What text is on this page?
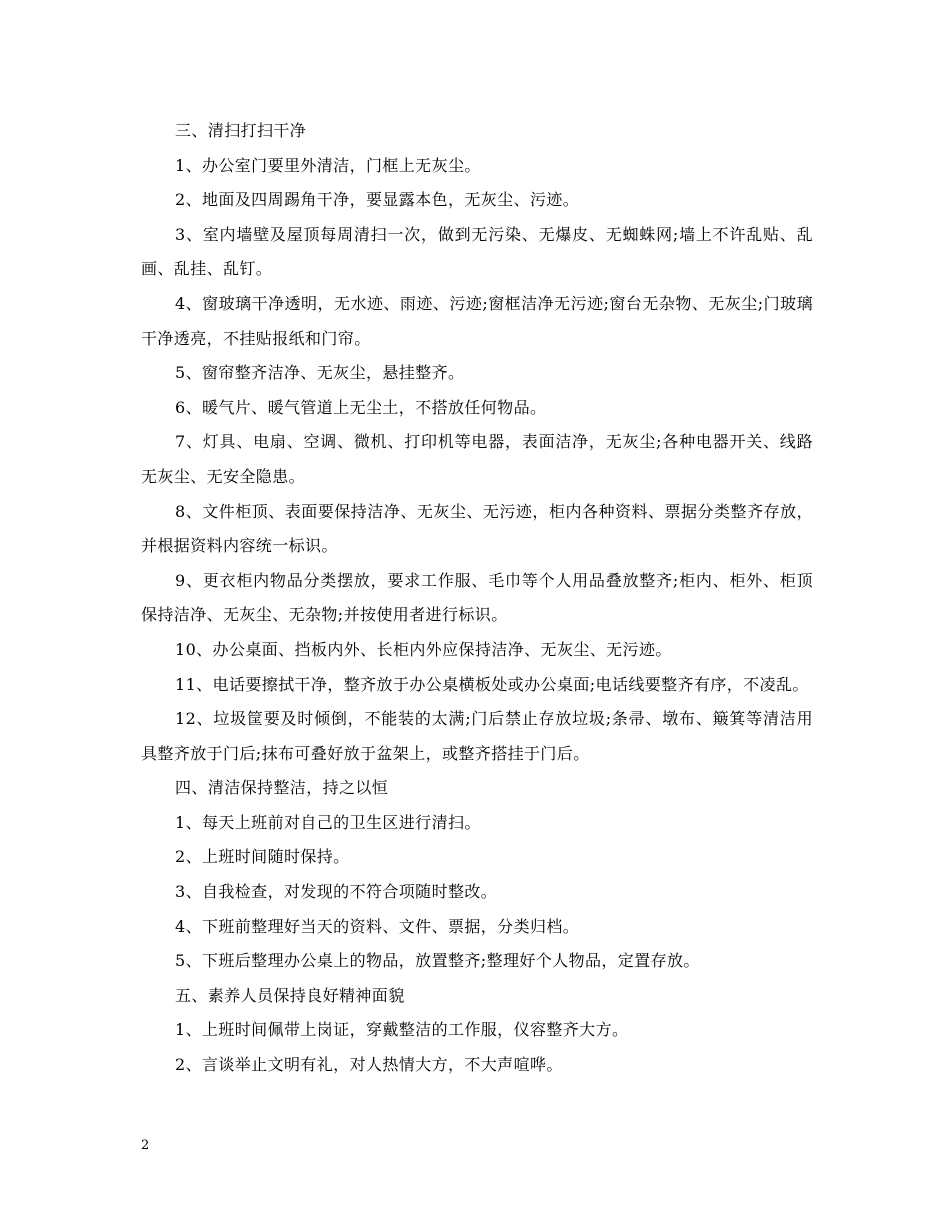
三、清扫打扫干净

1、办公室门要里外清洁，门框上无灰尘。

2、地面及四周踢角干净，要显露本色，无灰尘、污迹。

3、室内墙壁及屋顶每周清扫一次，做到无污染、无爆皮、无蜘蛛网;墙上不许乱贴、乱画、乱挂、乱钉。

4、窗玻璃干净透明，无水迹、雨迹、污迹;窗框洁净无污迹;窗台无杂物、无灰尘;门玻璃干净透亮，不挂贴报纸和门帘。

5、窗帘整齐洁净、无灰尘，悬挂整齐。

6、暖气片、暖气管道上无尘土，不搭放任何物品。

7、灯具、电扇、空调、微机、打印机等电器，表面洁净，无灰尘;各种电器开关、线路无灰尘、无安全隐患。

8、文件柜顶、表面要保持洁净、无灰尘、无污迹，柜内各种资料、票据分类整齐存放，并根据资料内容统一标识。

9、更衣柜内物品分类摆放，要求工作服、毛巾等个人用品叠放整齐;柜内、柜外、柜顶保持洁净、无灰尘、无杂物;并按使用者进行标识。

10、办公桌面、挡板内外、长柜内外应保持洁净、无灰尘、无污迹。

11、电话要擦拭干净，整齐放于办公桌横板处或办公桌面;电话线要整齐有序，不凌乱。

12、垃圾筐要及时倾倒，不能装的太满;门后禁止存放垃圾;条帚、墩布、簸箕等清洁用具整齐放于门后;抹布可叠好放于盆架上，或整齐搭挂于门后。

四、清洁保持整洁，持之以恒

1、每天上班前对自己的卫生区进行清扫。

2、上班时间随时保持。

3、自我检查，对发现的不符合项随时整改。

4、下班前整理好当天的资料、文件、票据，分类归档。

5、下班后整理办公桌上的物品，放置整齐;整理好个人物品，定置存放。

五、素养人员保持良好精神面貌

1、上班时间佩带上岗证，穿戴整洁的工作服，仪容整齐大方。

2、言谈举止文明有礼，对人热情大方，不大声喧哗。

2
